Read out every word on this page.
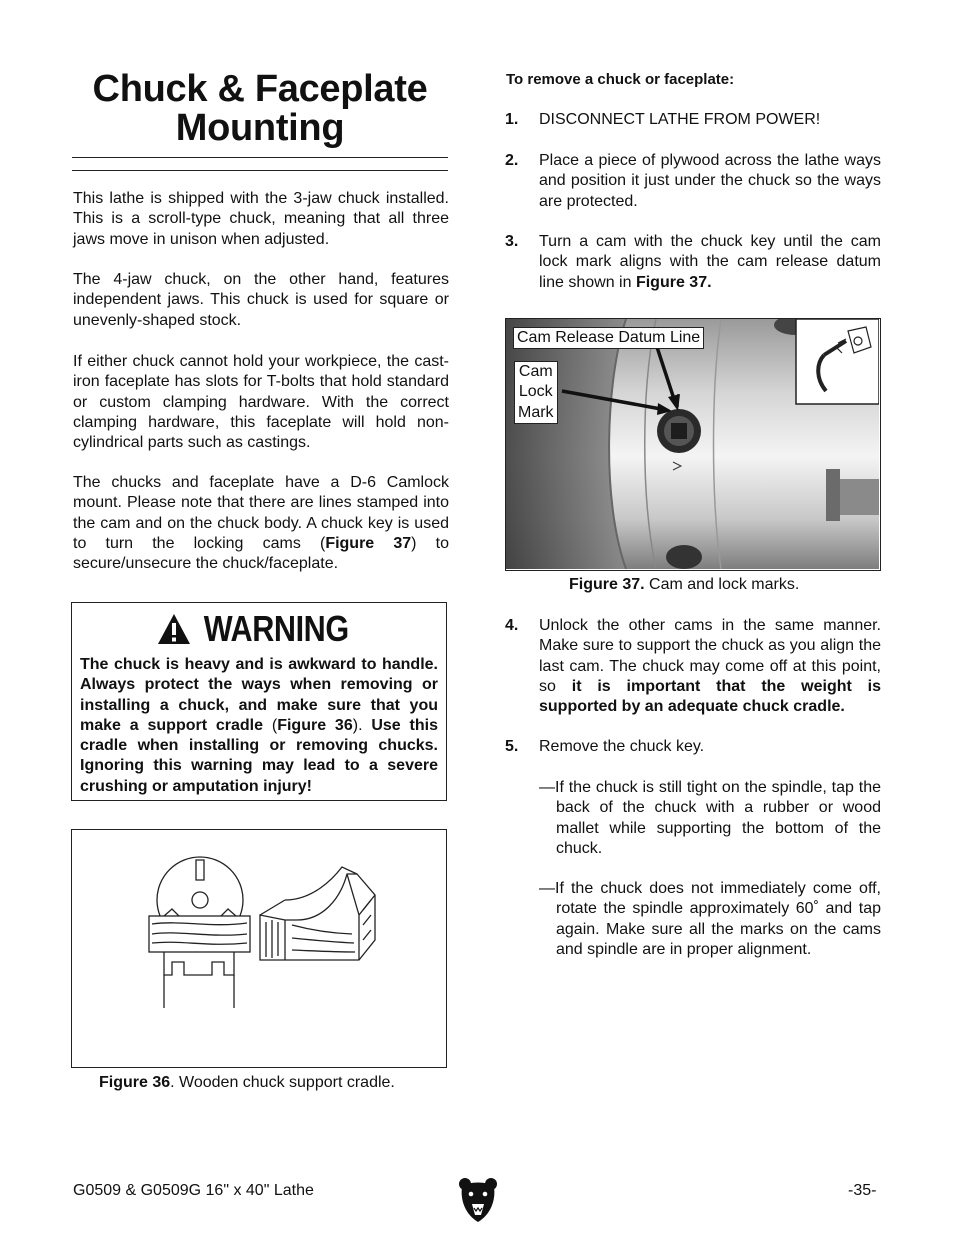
Chuck & Faceplate
Mounting
This lathe is shipped with the 3-jaw chuck installed. This is a scroll-type chuck, meaning that all three jaws move in unison when adjusted.
The 4-jaw chuck, on the other hand, features independent jaws. This chuck is used for square or unevenly-shaped stock.
If either chuck cannot hold your workpiece, the cast-iron faceplate has slots for T-bolts that hold standard or custom clamping hardware. With the correct clamping hardware, this faceplate will hold non-cylindrical parts such as castings.
The chucks and faceplate have a D-6 Camlock mount. Please note that there are lines stamped into the cam and on the chuck body. A chuck key is used to turn the locking cams (Figure 37) to secure/unsecure the chuck/faceplate.
WARNING
The chuck is heavy and is awkward to handle. Always protect the ways when removing or installing a chuck, and make sure that you make a support cradle (Figure 36). Use this cradle when installing or removing chucks. Ignoring this warning may lead to a severe crushing or amputation injury!
Figure 36. Wooden chuck support cradle.
To remove a chuck or faceplate:
1. DISCONNECT LATHE FROM POWER!
2. Place a piece of plywood across the lathe ways and position it just under the chuck so the ways are protected.
3. Turn a cam with the chuck key until the cam lock mark aligns with the cam release datum line shown in Figure 37.
Cam Release Datum Line
Cam
Lock
Mark
Figure 37. Cam and lock marks.
4. Unlock the other cams in the same manner. Make sure to support the chuck as you align the last cam. The chuck may come off at this point, so it is important that the weight is supported by an adequate chuck cradle.
5. Remove the chuck key.
—If the chuck is still tight on the spindle, tap the back of the chuck with a rubber or wood mallet while supporting the bottom of the chuck.
—If the chuck does not immediately come off, rotate the spindle approximately 60˚ and tap again. Make sure all the marks on the cams and spindle are in proper alignment.
G0509 & G0509G 16" x 40" Lathe	-35-
